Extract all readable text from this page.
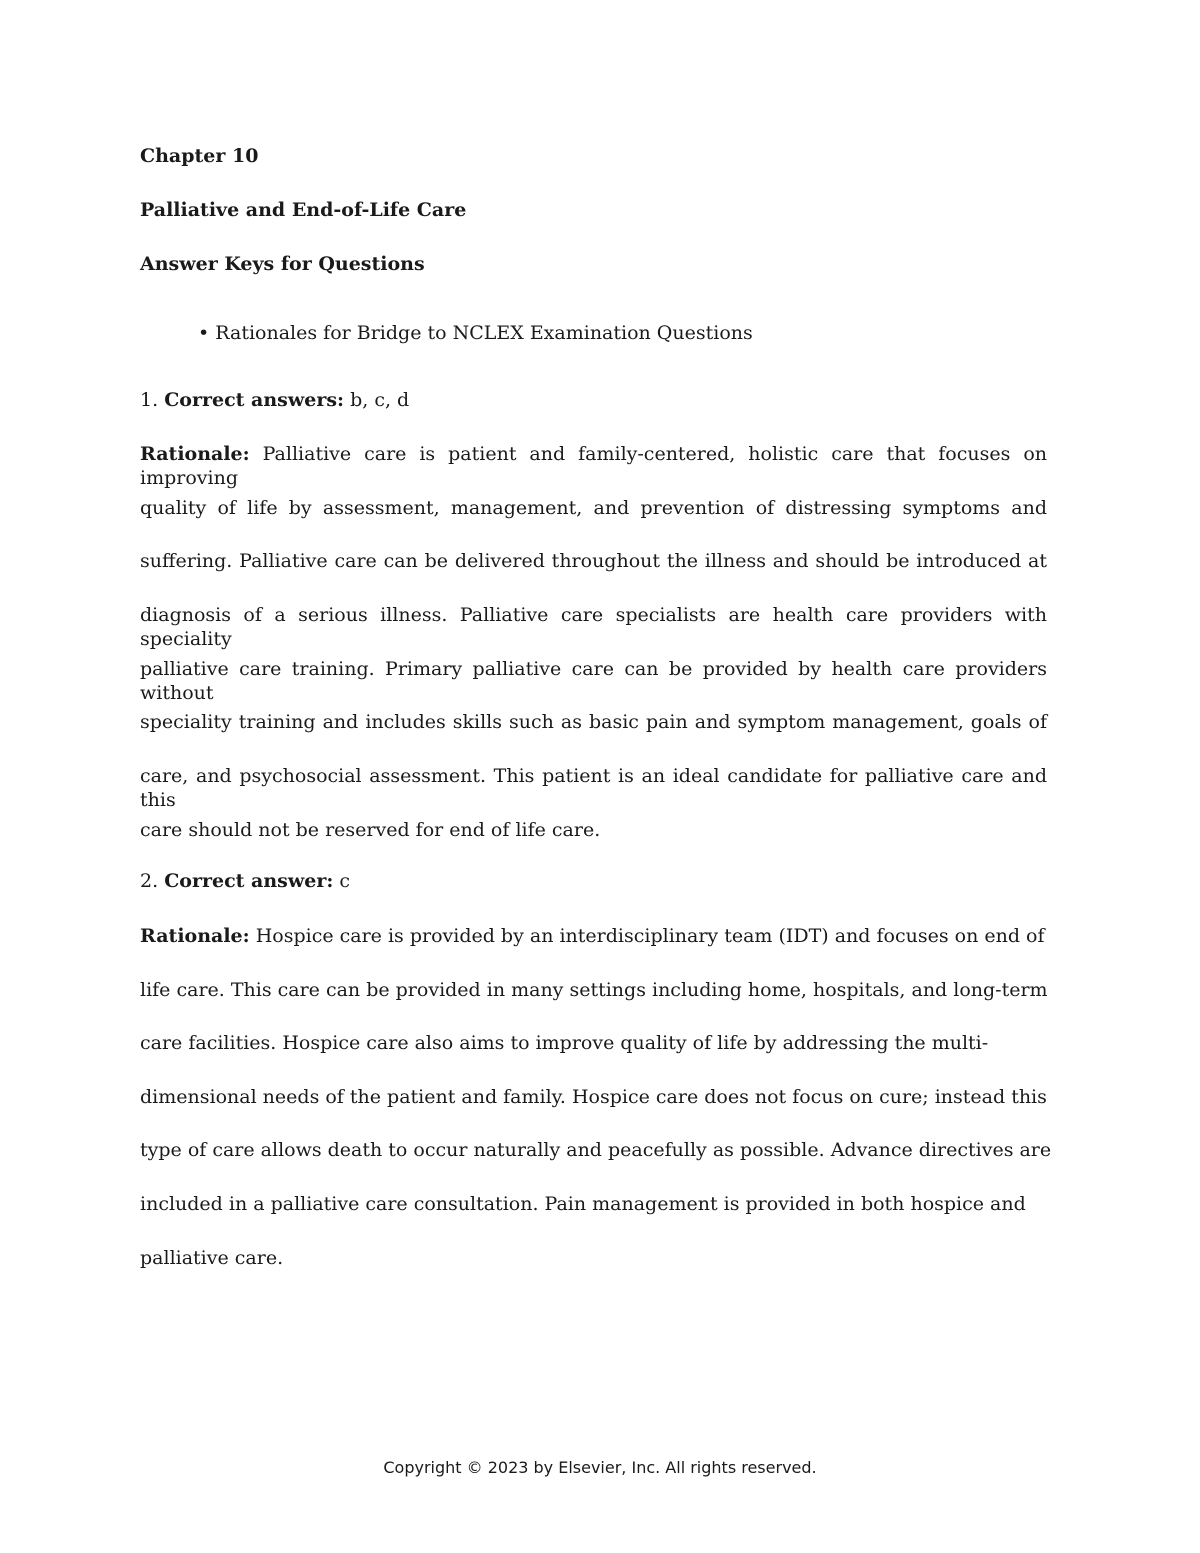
Chapter 10
Palliative and End-of-Life Care
Answer Keys for Questions
• Rationales for Bridge to NCLEX Examination Questions
1. Correct answers: b, c, d
Rationale: Palliative care is patient and family-centered, holistic care that focuses on improving
quality of life by assessment, management, and prevention of distressing symptoms and
suffering. Palliative care can be delivered throughout the illness and should be introduced at
diagnosis of a serious illness. Palliative care specialists are health care providers with speciality
palliative care training. Primary palliative care can be provided by health care providers without
speciality training and includes skills such as basic pain and symptom management, goals of
care, and psychosocial assessment. This patient is an ideal candidate for palliative care and this
care should not be reserved for end of life care.
2. Correct answer: c
Rationale: Hospice care is provided by an interdisciplinary team (IDT) and focuses on end of
life care. This care can be provided in many settings including home, hospitals, and long-term
care facilities. Hospice care also aims to improve quality of life by addressing the multi-
dimensional needs of the patient and family. Hospice care does not focus on cure; instead this
type of care allows death to occur naturally and peacefully as possible. Advance directives are
included in a palliative care consultation. Pain management is provided in both hospice and
palliative care.
Copyright © 2023 by Elsevier, Inc. All rights reserved.
